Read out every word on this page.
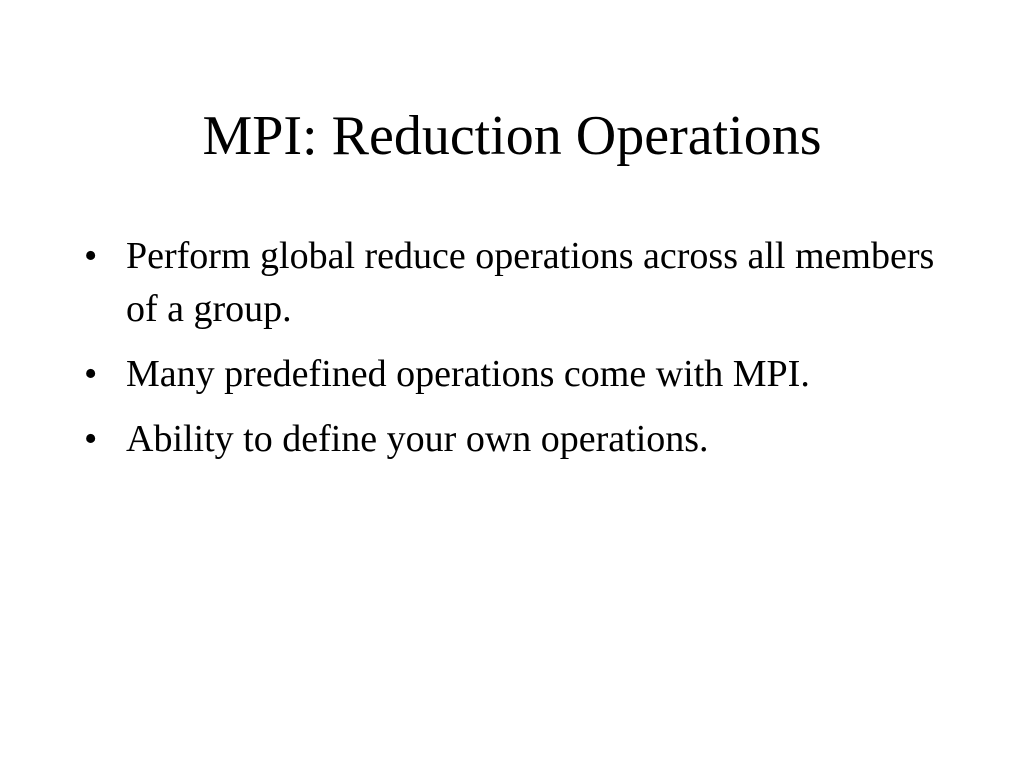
MPI: Reduction Operations
• Perform global reduce operations across all members of a group.
• Many predefined operations come with MPI.
• Ability to define your own operations.
